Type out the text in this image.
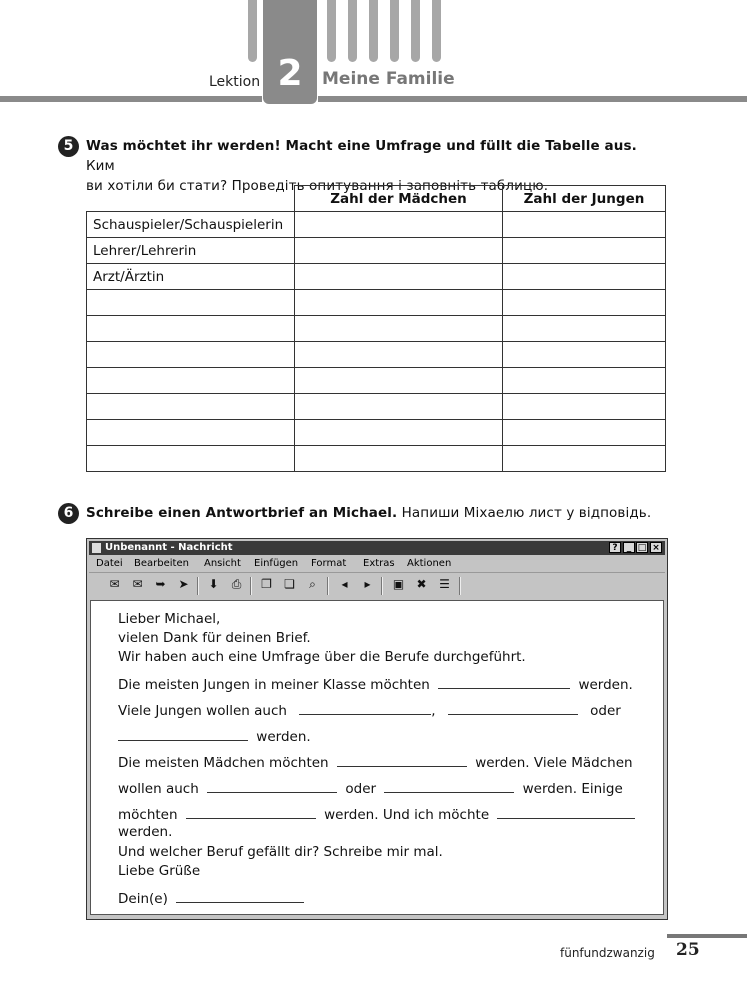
2
Lektion	Meine Familie
5 Was möchtet ihr werden! Macht eine Umfrage und füllt die Tabelle aus. Ким
ви хотіли би стати? Проведіть опитування і заповніть таблицю.
	Zahl der Mädchen	Zahl der Jungen
Schauspieler/Schauspielerin		
Lehrer/Lehrerin		
Arzt/Ärztin		

6 Schreibe einen Antwortbrief an Michael. Напиши Міхаелю лист у відповідь.
Unbenannt - Nachricht	?	_ □ ×
Datei Bearbeiten Ansicht Einfügen Format Extras Aktionen
✉ ✉ ➥ ➤ ⬇ ⎙ ❐ ❏	⌕	◂	▸	▣ ✖ ☰
Lieber Michael,
vielen Dank für deinen Brief.
Wir haben auch eine Umfrage über die Berufe durchgeführt.
Die meisten Jungen in meiner Klasse möchten	werden.
Viele Jungen wollen auch	,	oder
werden.
Die meisten Mädchen möchten	werden. Viele Mädchen
wollen auch	oder	werden. Einige
möchten	werden. Und ich möchte
werden.
Und welcher Beruf gefällt dir? Schreibe mir mal.
Liebe Grüße
Dein(e)
fünfundzwanzig 25
